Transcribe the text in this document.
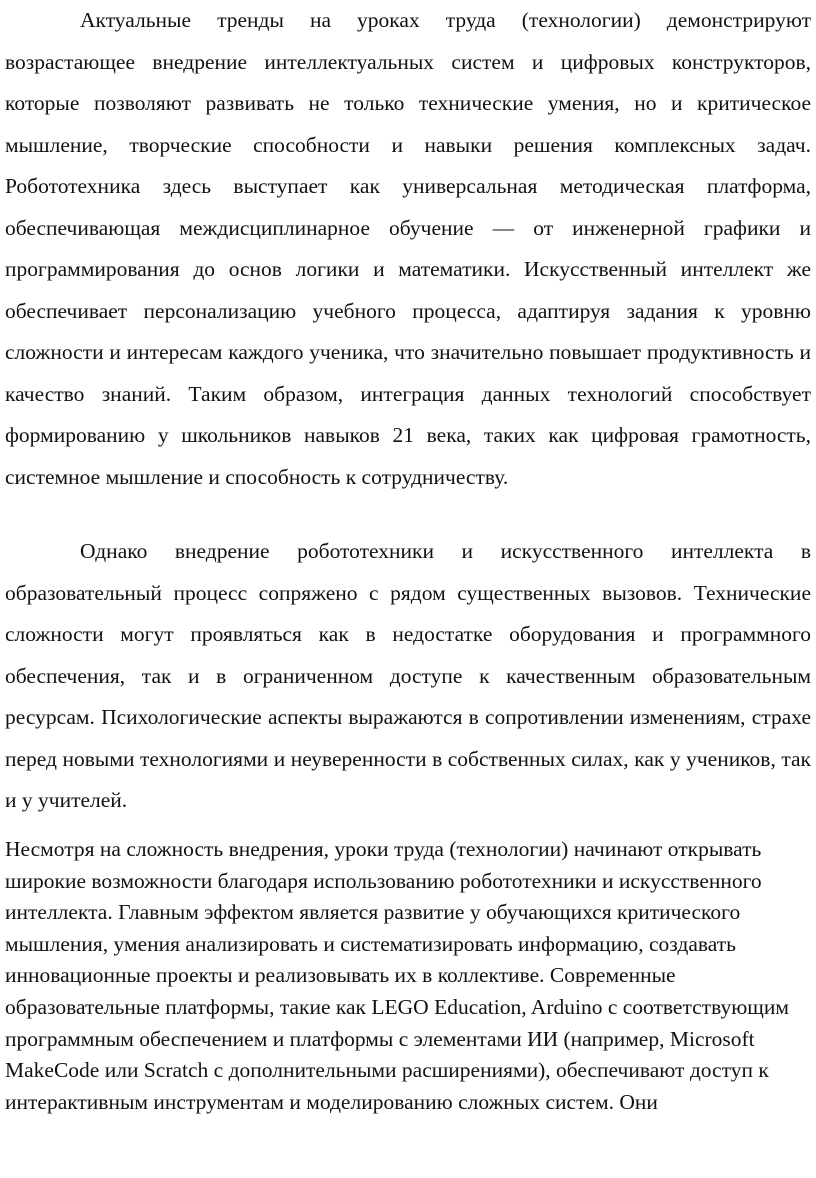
Актуальные тренды на уроках труда (технологии) демонстрируют возрастающее внедрение интеллектуальных систем и цифровых конструкторов, которые позволяют развивать не только технические умения, но и критическое мышление, творческие способности и навыки решения комплексных задач. Робототехника здесь выступает как универсальная методическая платформа, обеспечивающая междисциплинарное обучение — от инженерной графики и программирования до основ логики и математики. Искусственный интеллект же обеспечивает персонализацию учебного процесса, адаптируя задания к уровню сложности и интересам каждого ученика, что значительно повышает продуктивность и качество знаний. Таким образом, интеграция данных технологий способствует формированию у школьников навыков 21 века, таких как цифровая грамотность, системное мышление и способность к сотрудничеству.

Однако внедрение робототехники и искусственного интеллекта в образовательный процесс сопряжено с рядом существенных вызовов. Технические сложности могут проявляться как в недостатке оборудования и программного обеспечения, так и в ограниченном доступе к качественным образовательным ресурсам. Психологические аспекты выражаются в сопротивлении изменениям, страхе перед новыми технологиями и неуверенности в собственных силах, как у учеников, так и у учителей.

Несмотря на сложность внедрения, уроки труда (технологии) начинают открывать широкие возможности благодаря использованию робототехники и искусственного интеллекта. Главным эффектом является развитие у обучающихся критического мышления, умения анализировать и систематизировать информацию, создавать инновационные проекты и реализовывать их в коллективе. Современные образовательные платформы, такие как LEGO Education, Arduino с соответствующим программным обеспечением и платформы с элементами ИИ (например, Microsoft MakeCode или Scratch с дополнительными расширениями), обеспечивают доступ к интерактивным инструментам и моделированию сложных систем. Они
